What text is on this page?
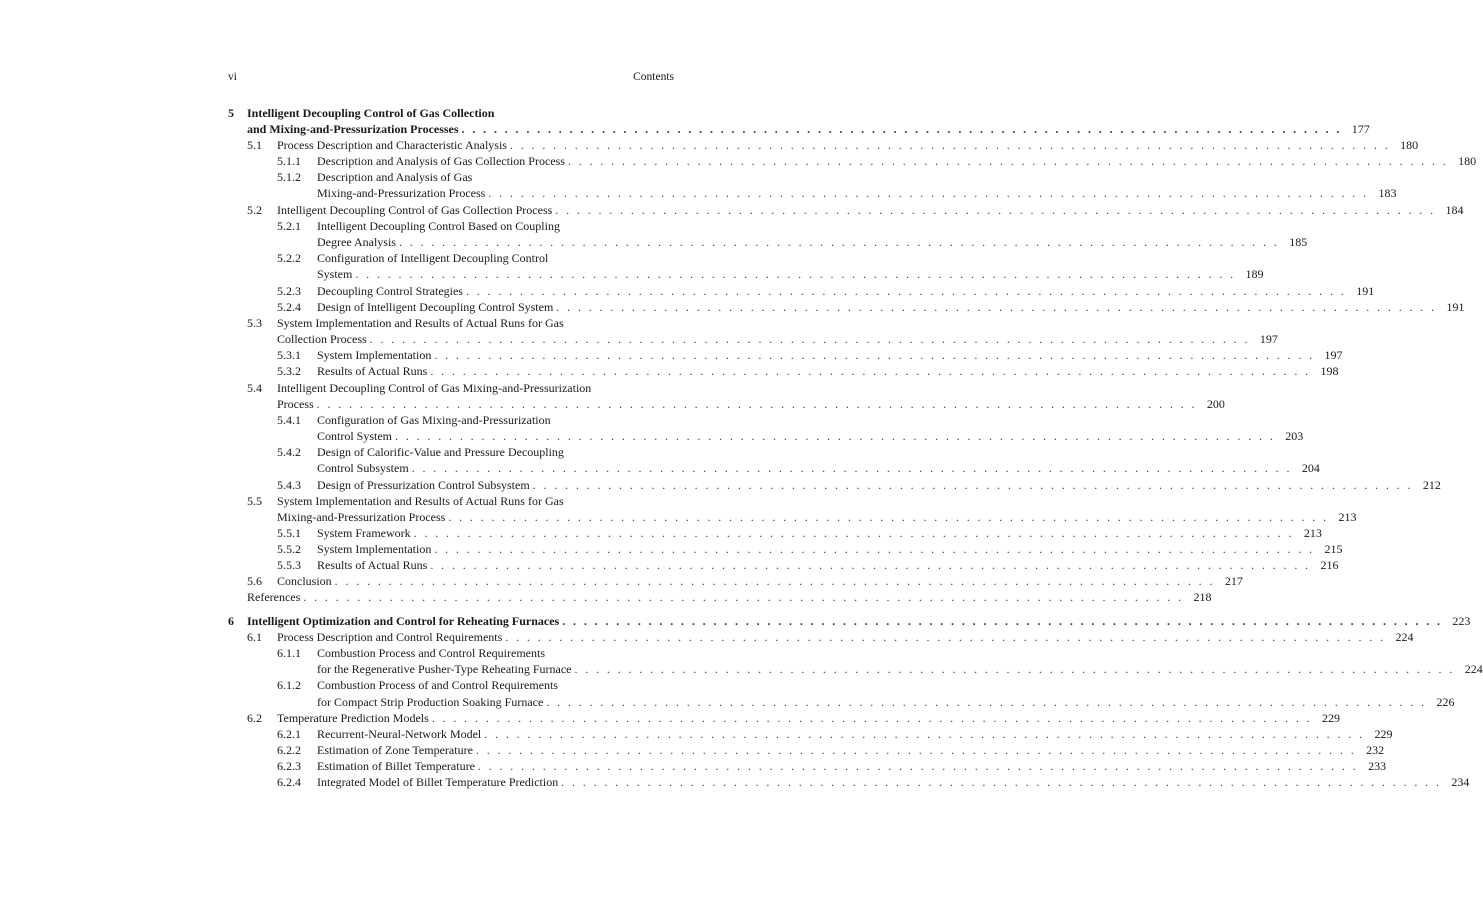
vi	Contents
5 Intelligent Decoupling Control of Gas Collection
and Mixing-and-Pressurization Processes . . . . . . . . . . . . . . . . . . . . . . . . . . . . . . . . . . . . . . . . . . . . . . . . . . . . . . . . . . . . . . . . . . . . . . . . . . . . . . . . . . 177
5.1 Process Description and Characteristic Analysis . . . . . . . . . . . . . . . . . . . . . . . . . . . . . . . . . . . . . . . . . . . . . . . . . . . . . . . . . . . . . . . . . . . . . . . . . . . . . . . . . . 180
5.1.1 Description and Analysis of Gas Collection Process . . . . . . . . . . . . . . . . . . . . . . . . . . . . . . . . . . . . . . . . . . . . . . . . . . . . . . . . . . . . . . . . . . . . . . . . . . . . . . . . . . 180
5.1.2 Description and Analysis of Gas
Mixing-and-Pressurization Process . . . . . . . . . . . . . . . . . . . . . . . . . . . . . . . . . . . . . . . . . . . . . . . . . . . . . . . . . . . . . . . . . . . . . . . . . . . . . . . . . . 183
5.2 Intelligent Decoupling Control of Gas Collection Process . . . . . . . . . . . . . . . . . . . . . . . . . . . . . . . . . . . . . . . . . . . . . . . . . . . . . . . . . . . . . . . . . . . . . . . . . . . . . . . . . . 184
5.2.1 Intelligent Decoupling Control Based on Coupling
Degree Analysis . . . . . . . . . . . . . . . . . . . . . . . . . . . . . . . . . . . . . . . . . . . . . . . . . . . . . . . . . . . . . . . . . . . . . . . . . . . . . . . . . . 185
5.2.2 Configuration of Intelligent Decoupling Control
System . . . . . . . . . . . . . . . . . . . . . . . . . . . . . . . . . . . . . . . . . . . . . . . . . . . . . . . . . . . . . . . . . . . . . . . . . . . . . . . . . . 189
5.2.3 Decoupling Control Strategies . . . . . . . . . . . . . . . . . . . . . . . . . . . . . . . . . . . . . . . . . . . . . . . . . . . . . . . . . . . . . . . . . . . . . . . . . . . . . . . . . . 191
5.2.4 Design of Intelligent Decoupling Control System . . . . . . . . . . . . . . . . . . . . . . . . . . . . . . . . . . . . . . . . . . . . . . . . . . . . . . . . . . . . . . . . . . . . . . . . . . . . . . . . . . 191
5.3 System Implementation and Results of Actual Runs for Gas
Collection Process . . . . . . . . . . . . . . . . . . . . . . . . . . . . . . . . . . . . . . . . . . . . . . . . . . . . . . . . . . . . . . . . . . . . . . . . . . . . . . . . . . 197
5.3.1 System Implementation . . . . . . . . . . . . . . . . . . . . . . . . . . . . . . . . . . . . . . . . . . . . . . . . . . . . . . . . . . . . . . . . . . . . . . . . . . . . . . . . . . 197
5.3.2 Results of Actual Runs . . . . . . . . . . . . . . . . . . . . . . . . . . . . . . . . . . . . . . . . . . . . . . . . . . . . . . . . . . . . . . . . . . . . . . . . . . . . . . . . . . 198
5.4 Intelligent Decoupling Control of Gas Mixing-and-Pressurization
Process . . . . . . . . . . . . . . . . . . . . . . . . . . . . . . . . . . . . . . . . . . . . . . . . . . . . . . . . . . . . . . . . . . . . . . . . . . . . . . . . . . 200
5.4.1 Configuration of Gas Mixing-and-Pressurization
Control System . . . . . . . . . . . . . . . . . . . . . . . . . . . . . . . . . . . . . . . . . . . . . . . . . . . . . . . . . . . . . . . . . . . . . . . . . . . . . . . . . . 203
5.4.2 Design of Calorific-Value and Pressure Decoupling
Control Subsystem . . . . . . . . . . . . . . . . . . . . . . . . . . . . . . . . . . . . . . . . . . . . . . . . . . . . . . . . . . . . . . . . . . . . . . . . . . . . . . . . . . 204
5.4.3 Design of Pressurization Control Subsystem . . . . . . . . . . . . . . . . . . . . . . . . . . . . . . . . . . . . . . . . . . . . . . . . . . . . . . . . . . . . . . . . . . . . . . . . . . . . . . . . . . 212
5.5 System Implementation and Results of Actual Runs for Gas
Mixing-and-Pressurization Process . . . . . . . . . . . . . . . . . . . . . . . . . . . . . . . . . . . . . . . . . . . . . . . . . . . . . . . . . . . . . . . . . . . . . . . . . . . . . . . . . . 213
5.5.1 System Framework . . . . . . . . . . . . . . . . . . . . . . . . . . . . . . . . . . . . . . . . . . . . . . . . . . . . . . . . . . . . . . . . . . . . . . . . . . . . . . . . . . 213
5.5.2 System Implementation . . . . . . . . . . . . . . . . . . . . . . . . . . . . . . . . . . . . . . . . . . . . . . . . . . . . . . . . . . . . . . . . . . . . . . . . . . . . . . . . . . 215
5.5.3 Results of Actual Runs . . . . . . . . . . . . . . . . . . . . . . . . . . . . . . . . . . . . . . . . . . . . . . . . . . . . . . . . . . . . . . . . . . . . . . . . . . . . . . . . . . 216
5.6 Conclusion . . . . . . . . . . . . . . . . . . . . . . . . . . . . . . . . . . . . . . . . . . . . . . . . . . . . . . . . . . . . . . . . . . . . . . . . . . . . . . . . . . 217
References . . . . . . . . . . . . . . . . . . . . . . . . . . . . . . . . . . . . . . . . . . . . . . . . . . . . . . . . . . . . . . . . . . . . . . . . . . . . . . . . . . 218
6 Intelligent Optimization and Control for Reheating Furnaces . . . . . . . . . . . . . . . . . . . . . . . . . . . . . . . . . . . . . . . . . . . . . . . . . . . . . . . . . . . . . . . . . . . . . . . . . . . . . . . . . . 223
6.1 Process Description and Control Requirements . . . . . . . . . . . . . . . . . . . . . . . . . . . . . . . . . . . . . . . . . . . . . . . . . . . . . . . . . . . . . . . . . . . . . . . . . . . . . . . . . . 224
6.1.1 Combustion Process and Control Requirements
for the Regenerative Pusher-Type Reheating Furnace . . . . . . . . . . . . . . . . . . . . . . . . . . . . . . . . . . . . . . . . . . . . . . . . . . . . . . . . . . . . . . . . . . . . . . . . . . . . . . . . . . 224
6.1.2 Combustion Process of and Control Requirements
for Compact Strip Production Soaking Furnace . . . . . . . . . . . . . . . . . . . . . . . . . . . . . . . . . . . . . . . . . . . . . . . . . . . . . . . . . . . . . . . . . . . . . . . . . . . . . . . . . . 226
6.2 Temperature Prediction Models . . . . . . . . . . . . . . . . . . . . . . . . . . . . . . . . . . . . . . . . . . . . . . . . . . . . . . . . . . . . . . . . . . . . . . . . . . . . . . . . . . 229
6.2.1 Recurrent-Neural-Network Model . . . . . . . . . . . . . . . . . . . . . . . . . . . . . . . . . . . . . . . . . . . . . . . . . . . . . . . . . . . . . . . . . . . . . . . . . . . . . . . . . . 229
6.2.2 Estimation of Zone Temperature . . . . . . . . . . . . . . . . . . . . . . . . . . . . . . . . . . . . . . . . . . . . . . . . . . . . . . . . . . . . . . . . . . . . . . . . . . . . . . . . . . 232
6.2.3 Estimation of Billet Temperature . . . . . . . . . . . . . . . . . . . . . . . . . . . . . . . . . . . . . . . . . . . . . . . . . . . . . . . . . . . . . . . . . . . . . . . . . . . . . . . . . . 233
6.2.4 Integrated Model of Billet Temperature Prediction . . . . . . . . . . . . . . . . . . . . . . . . . . . . . . . . . . . . . . . . . . . . . . . . . . . . . . . . . . . . . . . . . . . . . . . . . . . . . . . . . . 234
